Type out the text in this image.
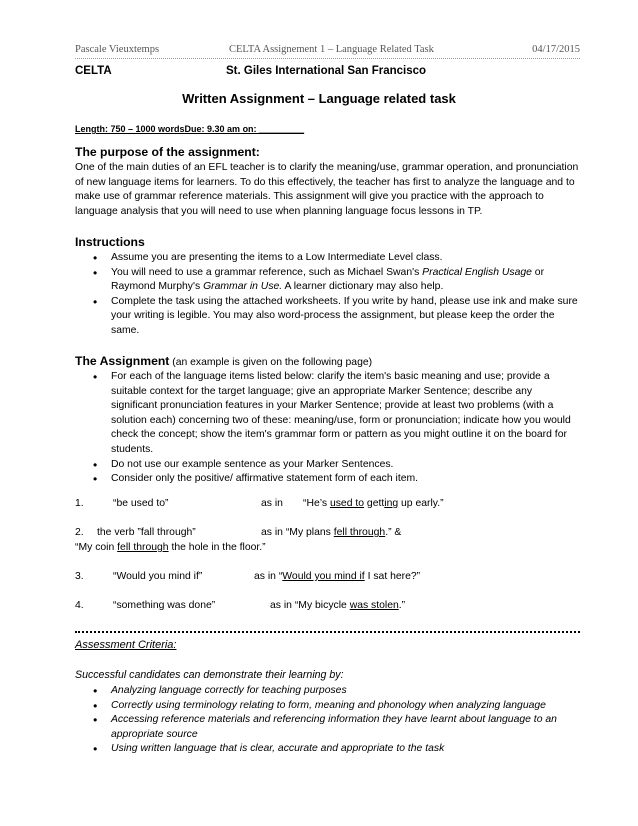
Pascale Vieuxtemps	CELTA Assignement 1 – Language Related Task	04/17/2015
CELTA	St. Giles International San Francisco
Written Assignment – Language related task
Length: 750 – 1000 wordsDue: 9.30 am on: _________
The purpose of the assignment:
One of the main duties of an EFL teacher is to clarify the meaning/use, grammar operation, and pronunciation of new language items for learners. To do this effectively, the teacher has first to analyze the language and to make use of grammar reference materials. This assignment will give you practice with the approach to language analysis that you will need to use when planning language focus lessons in TP.
Instructions
• Assume you are presenting the items to a Low Intermediate Level class.
• You will need to use a grammar reference, such as Michael Swan's Practical English Usage or Raymond Murphy's Grammar in Use. A learner dictionary may also help.
• Complete the task using the attached worksheets. If you write by hand, please use ink and make sure your writing is legible. You may also word-process the assignment, but please keep the order the same.
The Assignment (an example is given on the following page)
• For each of the language items listed below: clarify the item's basic meaning and use; provide a suitable context for the target language; give an appropriate Marker Sentence; describe any significant pronunciation features in your Marker Sentence; provide at least two problems (with a solution each) concerning two of these: meaning/use, form or pronunciation; indicate how you would check the concept; show the item's grammar form or pattern as you might outline it on the board for students.
• Do not use our example sentence as your Marker Sentences.
• Consider only the positive/ affirmative statement form of each item.
1.	“be used to”	as in “He’s used to getting up early.”
2. the verb ”fall through”	as in “My plans fell through.” &
“My coin fell through the hole in the floor.”
3.	“Would you mind if”	as in “Would you mind if I sat here?”
4.	“something was done”	as in “My bicycle was stolen.”
Assessment Criteria:
Successful candidates can demonstrate their learning by:
• Analyzing language correctly for teaching purposes
• Correctly using terminology relating to form, meaning and phonology when analyzing language
• Accessing reference materials and referencing information they have learnt about language to an appropriate source
• Using written language that is clear, accurate and appropriate to the task
